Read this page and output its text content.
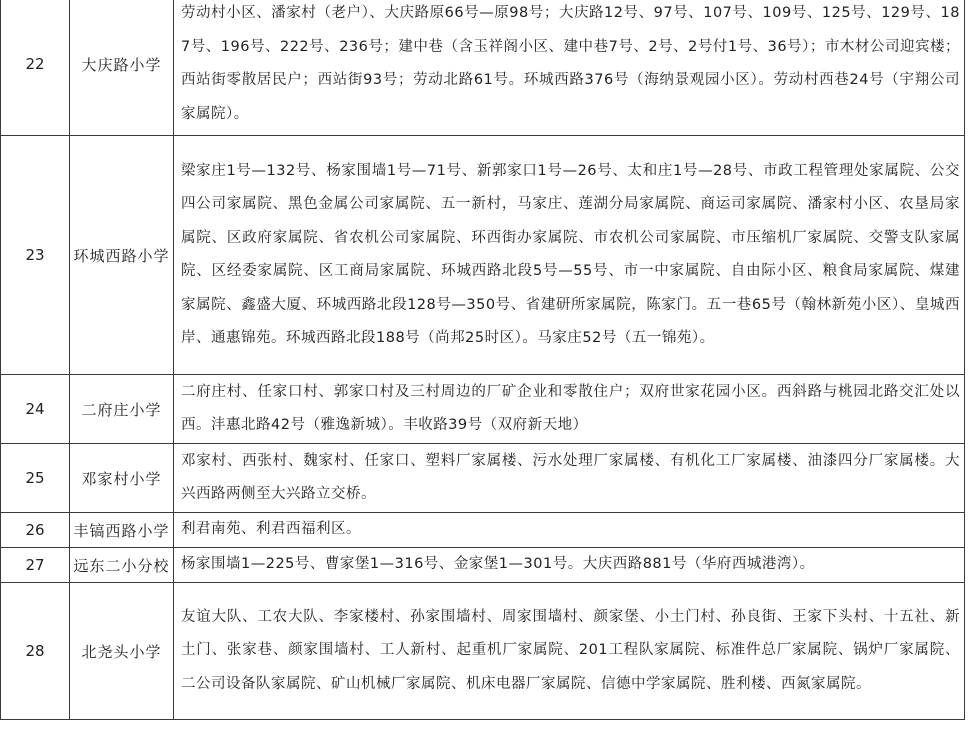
22	大庆路小学	劳动村小区、潘家村（老户）、大庆路原66号—原98号；大庆路12号、97号、107号、109号、125号、129号、187号、196号、222号、236号；建中巷（含玉祥阁小区、建中巷7号、2号、2号付1号、36号）；市木材公司迎宾楼；西站街零散居民户；西站街93号；劳动北路61号。环城西路376号（海纳景观园小区）。劳动村西巷24号（宇翔公司家属院）。
23	环城西路小学	梁家庄1号—132号、杨家围墙1号—71号、新郭家口1号—26号、太和庄1号—28号、市政工程管理处家属院、公交四公司家属院、黑色金属公司家属院、五一新村，马家庄、莲湖分局家属院、商运司家属院、潘家村小区、农垦局家属院、区政府家属院、省农机公司家属院、环西街办家属院、市农机公司家属院、市压缩机厂家属院、交警支队家属院、区经委家属院、区工商局家属院、环城西路北段5号—55号、市一中家属院、自由际小区、粮食局家属院、煤建家属院、鑫盛大厦、环城西路北段128号—350号、省建研所家属院，陈家门。五一巷65号（翰林新苑小区）、皇城西岸、通惠锦苑。环城西路北段188号（尚邦25时区）。马家庄52号（五一锦苑）。
24	二府庄小学	二府庄村、任家口村、郭家口村及三村周边的厂矿企业和零散住户；双府世家花园小区。西斜路与桃园北路交汇处以西。沣惠北路42号（雅逸新城）。丰收路39号（双府新天地）
25	邓家村小学	邓家村、西张村、魏家村、任家口、塑料厂家属楼、污水处理厂家属楼、有机化工厂家属楼、油漆四分厂家属楼。大兴西路两侧至大兴路立交桥。
26	丰镐西路小学	利君南苑、利君西福利区。
27	远东二小分校	杨家围墙1—225号、曹家堡1—316号、金家堡1—301号。大庆西路881号（华府西城港湾）。
28	北尧头小学	友谊大队、工农大队、李家楼村、孙家围墙村、周家围墙村、颜家堡、小土门村、孙良街、王家下头村、十五社、新土门、张家巷、颜家围墙村、工人新村、起重机厂家属院、201工程队家属院、标准件总厂家属院、锅炉厂家属院、二公司设备队家属院、矿山机械厂家属院、机床电器厂家属院、信德中学家属院、胜利楼、西氮家属院。
